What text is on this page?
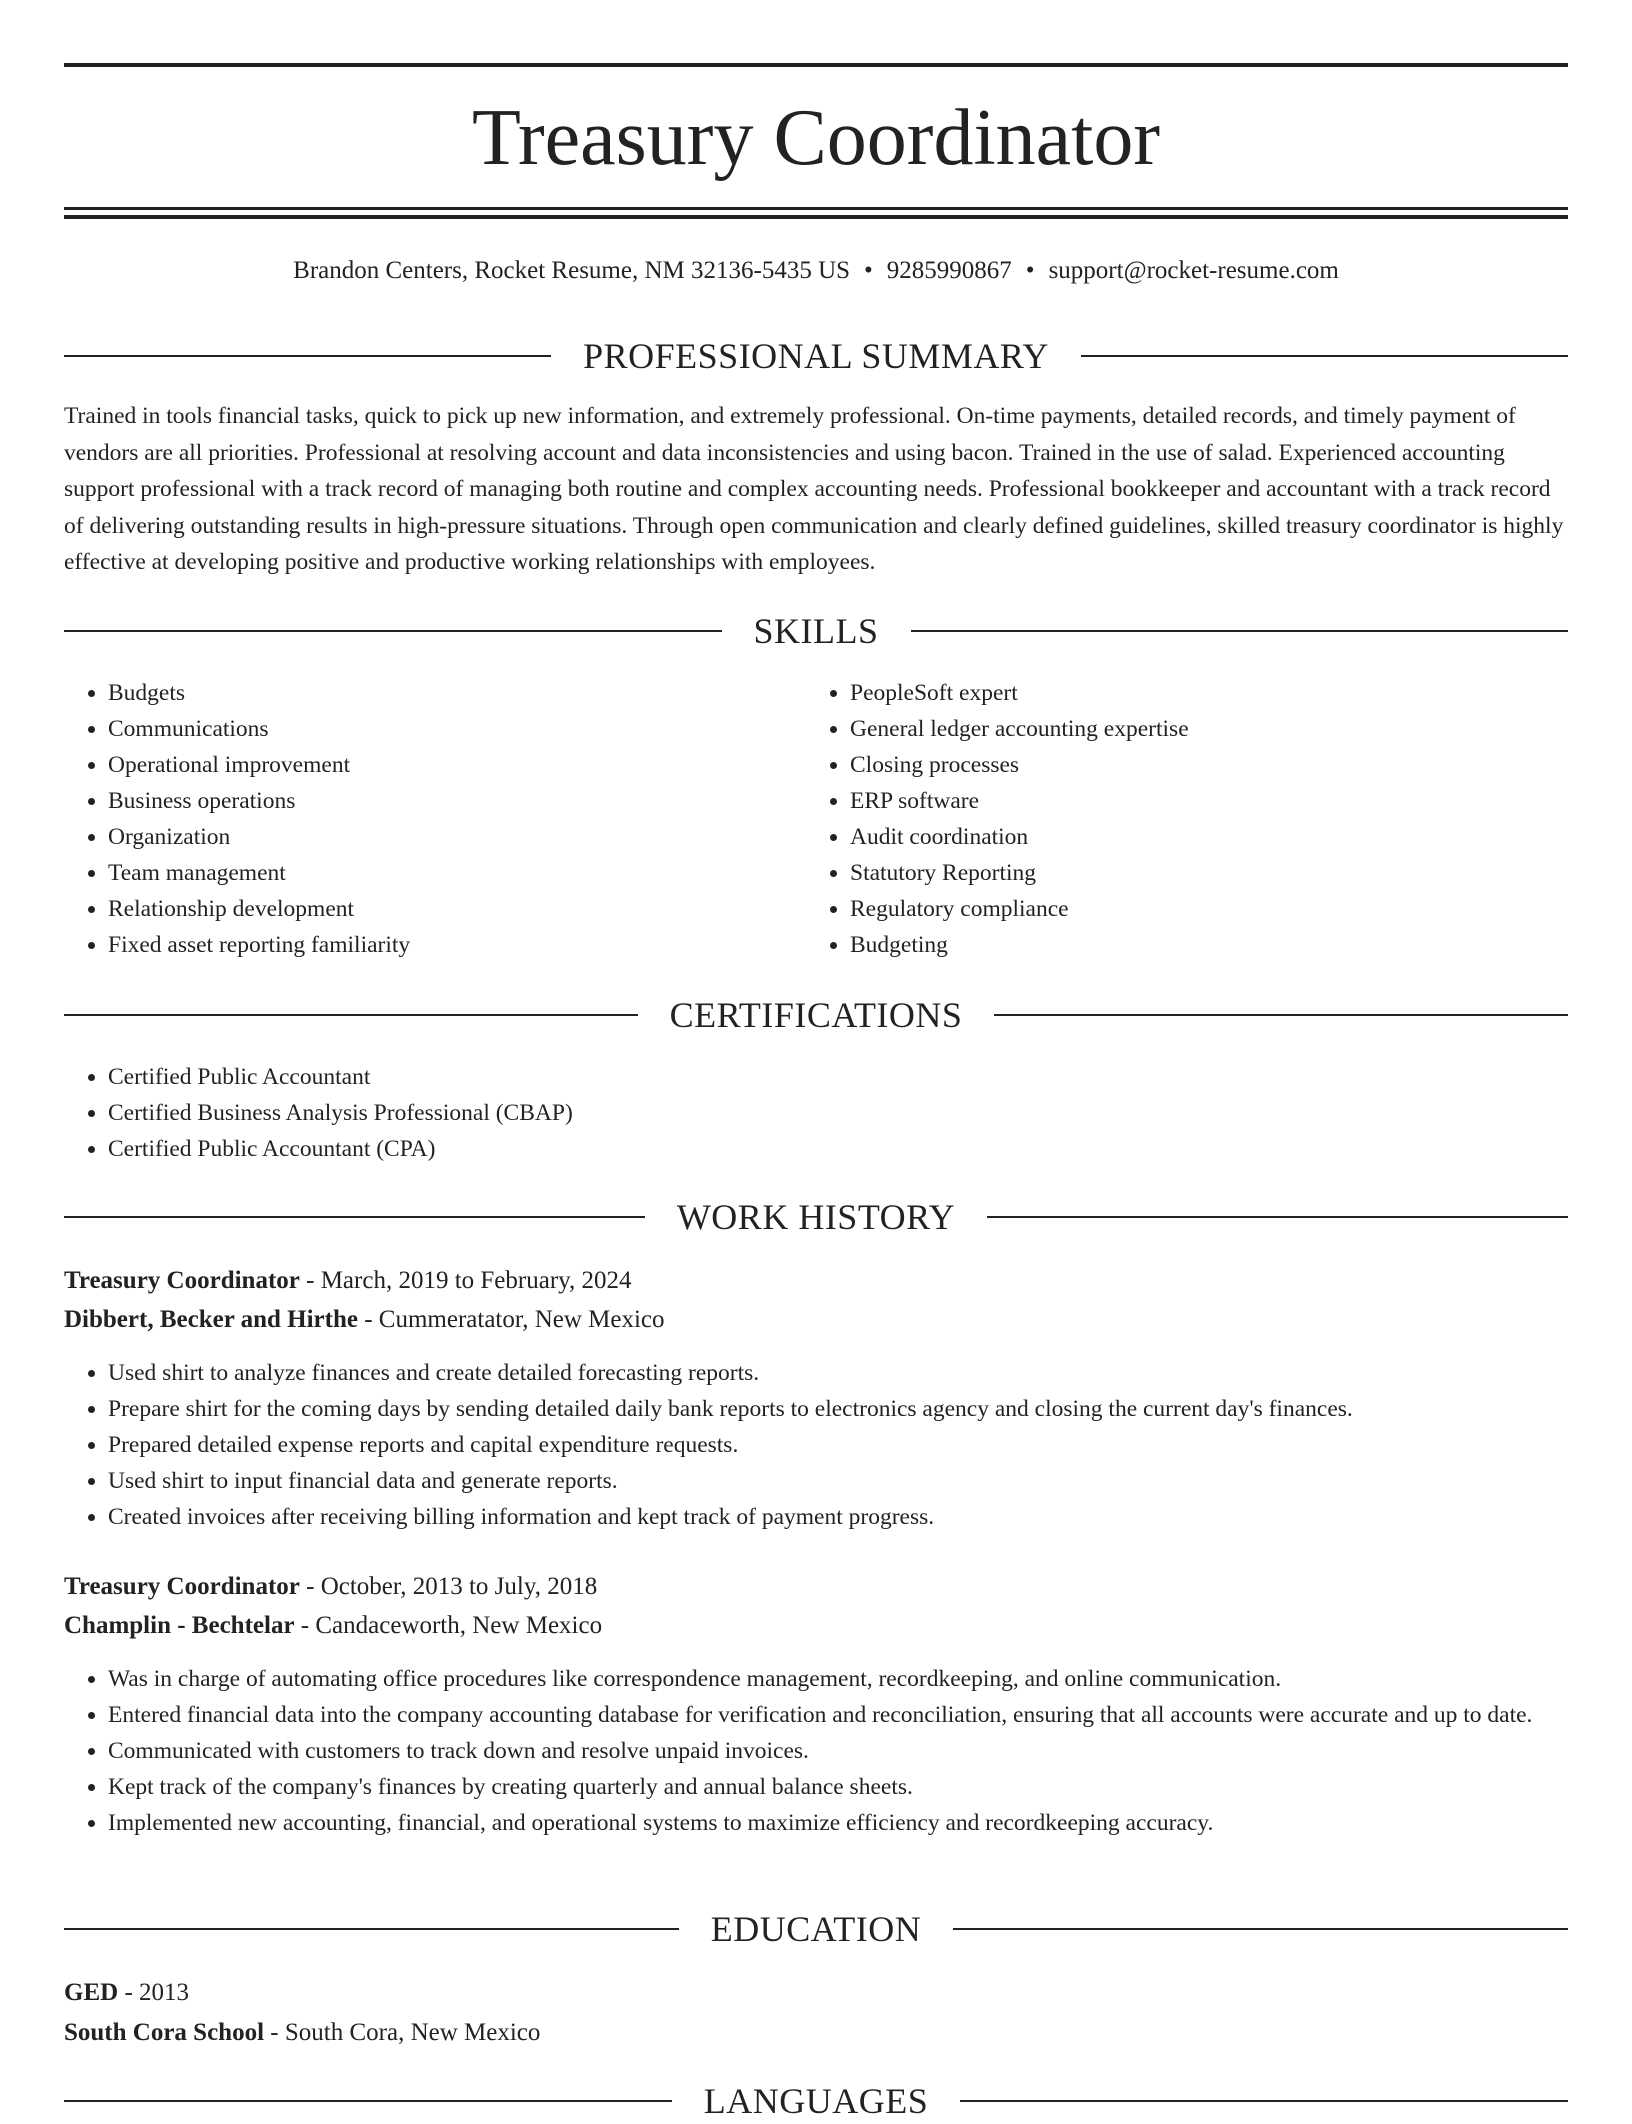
Treasury Coordinator
Brandon Centers, Rocket Resume, NM 32136-5435 US • 9285990867 • support@rocket-resume.com
PROFESSIONAL SUMMARY

Trained in tools financial tasks, quick to pick up new information, and extremely professional. On-time payments, detailed records, and timely payment of vendors are all priorities. Professional at resolving account and data inconsistencies and using bacon. Trained in the use of salad. Experienced accounting support professional with a track record of managing both routine and complex accounting needs. Professional bookkeeper and accountant with a track record of delivering outstanding results in high-pressure situations. Through open communication and clearly defined guidelines, skilled treasury coordinator is highly effective at developing positive and productive working relationships with employees.

SKILLS
• Budgets
• Communications
• Operational improvement
• Business operations
• Organization
• Team management
• Relationship development
• Fixed asset reporting familiarity
• PeopleSoft expert
• General ledger accounting expertise
• Closing processes
• ERP software
• Audit coordination
• Statutory Reporting
• Regulatory compliance
• Budgeting
CERTIFICATIONS
• Certified Public Accountant
• Certified Business Analysis Professional (CBAP)
• Certified Public Accountant (CPA)
WORK HISTORY
Treasury Coordinator - March, 2019 to February, 2024
Dibbert, Becker and Hirthe - Cummeratator, New Mexico
• Used shirt to analyze finances and create detailed forecasting reports.
• Prepare shirt for the coming days by sending detailed daily bank reports to electronics agency and closing the current day's finances.
• Prepared detailed expense reports and capital expenditure requests.
• Used shirt to input financial data and generate reports.
• Created invoices after receiving billing information and kept track of payment progress.
Treasury Coordinator - October, 2013 to July, 2018
Champlin - Bechtelar - Candaceworth, New Mexico
• Was in charge of automating office procedures like correspondence management, recordkeeping, and online communication.
• Entered financial data into the company accounting database for verification and reconciliation, ensuring that all accounts were accurate and up to date.
• Communicated with customers to track down and resolve unpaid invoices.
• Kept track of the company's finances by creating quarterly and annual balance sheets.
• Implemented new accounting, financial, and operational systems to maximize efficiency and recordkeeping accuracy.
EDUCATION
GED - 2013
South Cora School - South Cora, New Mexico
LANGUAGES
